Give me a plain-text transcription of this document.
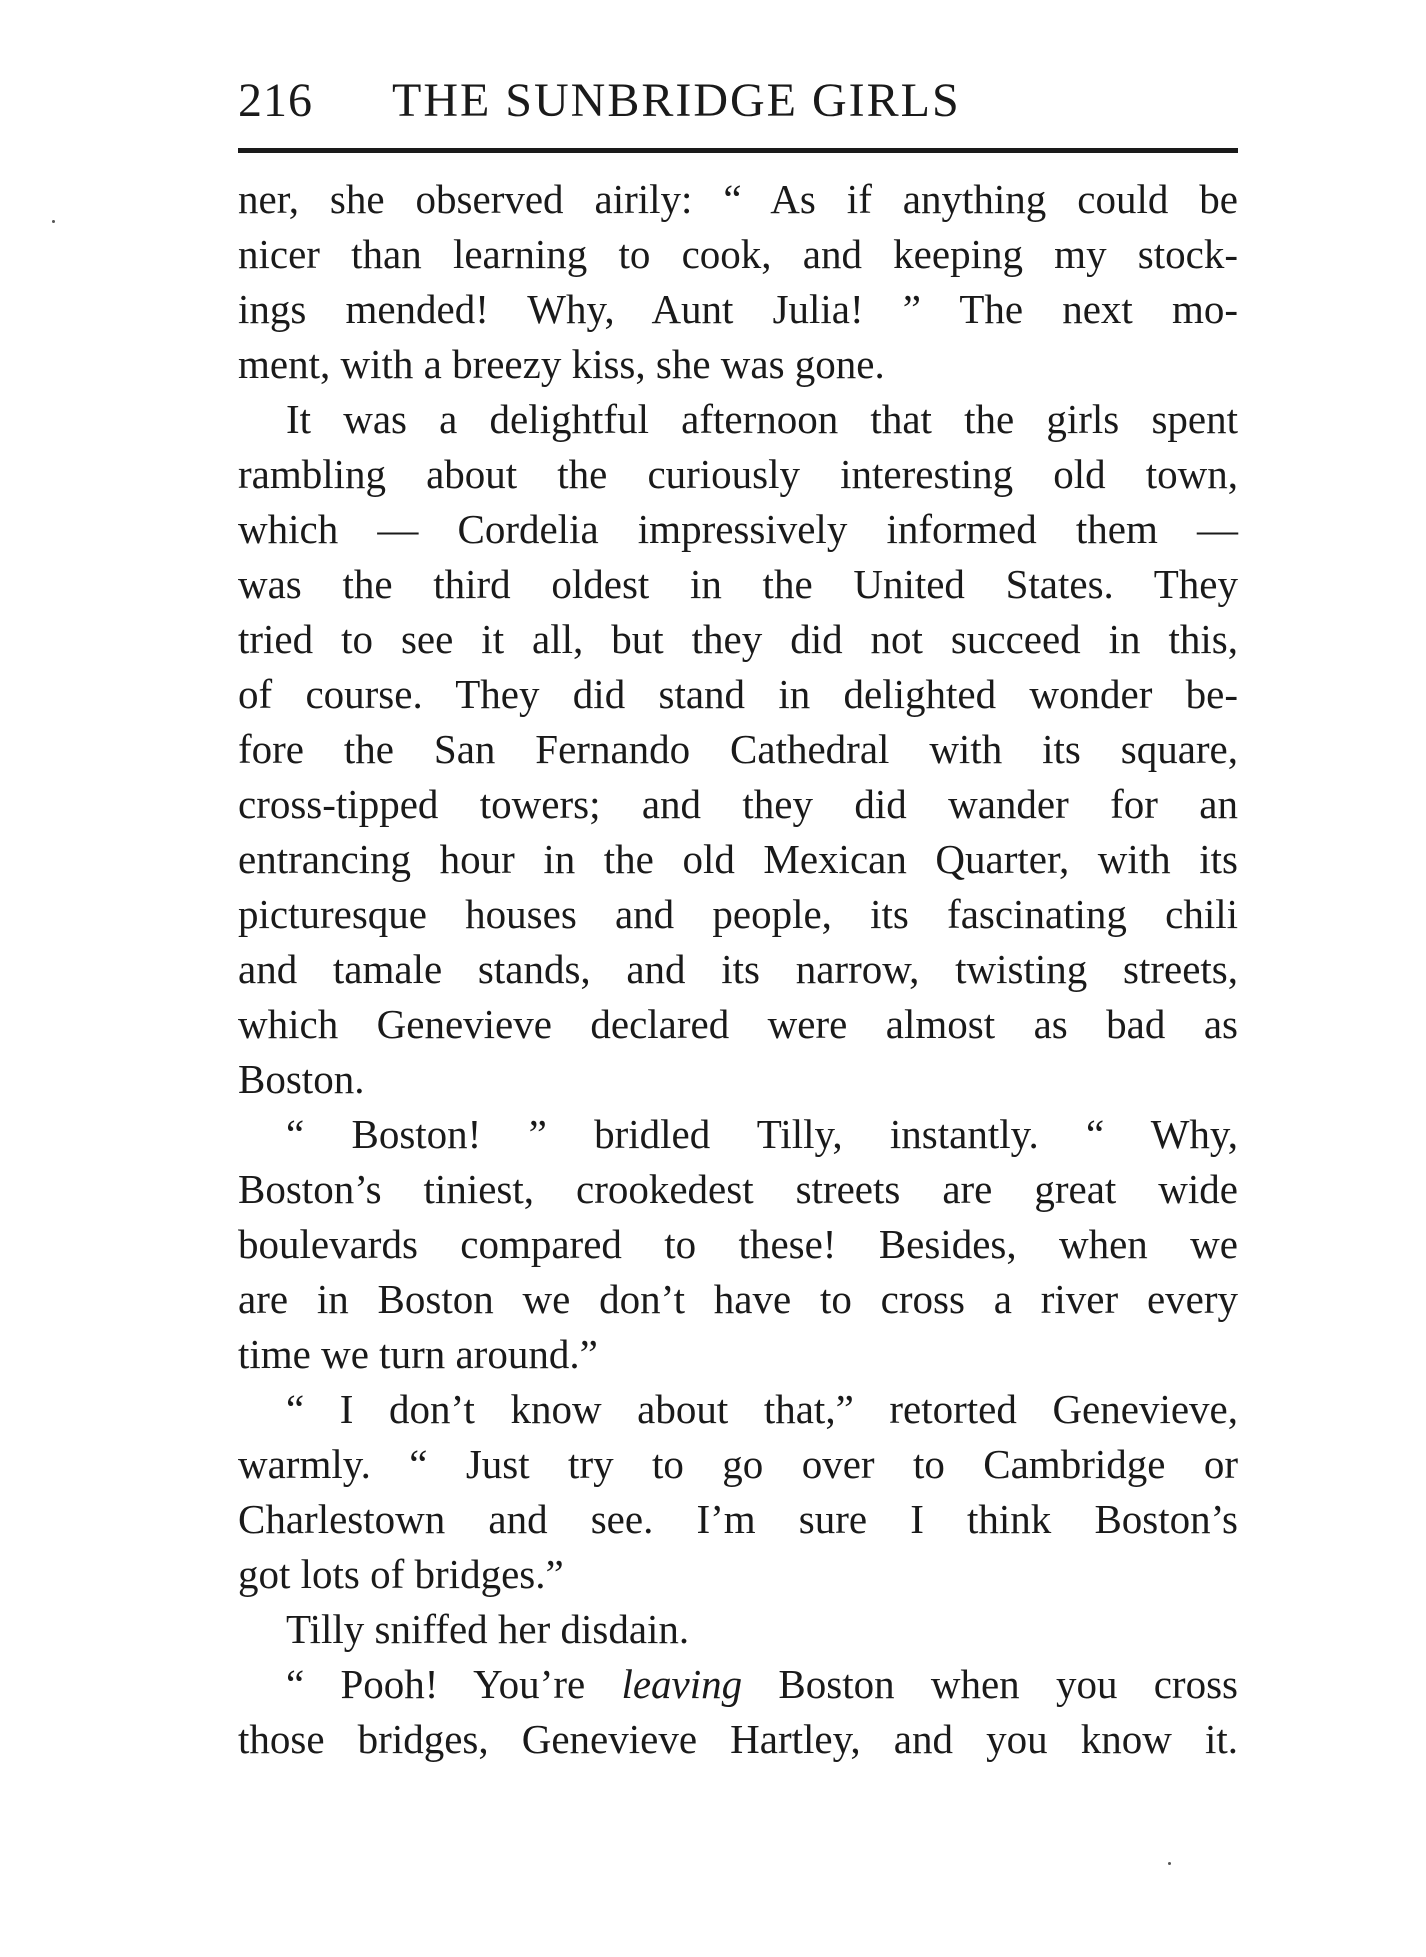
216 THE SUNBRIDGE GIRLS
ner, she observed airily: “ As if anything could be
nicer than learning to cook, and keeping my stock-
ings mended! Why, Aunt Julia! ” The next mo-
ment, with a breezy kiss, she was gone.
It was a delightful afternoon that the girls spent
rambling about the curiously interesting old town,
which — Cordelia impressively informed them —
was the third oldest in the United States. They
tried to see it all, but they did not succeed in this,
of course. They did stand in delighted wonder be-
fore the San Fernando Cathedral with its square,
cross-tipped towers; and they did wander for an
entrancing hour in the old Mexican Quarter, with its
picturesque houses and people, its fascinating chili
and tamale stands, and its narrow, twisting streets,
which Genevieve declared were almost as bad as
Boston.
“ Boston! ” bridled Tilly, instantly. “ Why,
Boston’s tiniest, crookedest streets are great wide
boulevards compared to these! Besides, when we
are in Boston we don’t have to cross a river every
time we turn around.”
“ I don’t know about that,” retorted Genevieve,
warmly. “ Just try to go over to Cambridge or
Charlestown and see. I’m sure I think Boston’s
got lots of bridges.”
Tilly sniffed her disdain.
“ Pooh! You’re leaving Boston when you cross
those bridges, Genevieve Hartley, and you know it.
